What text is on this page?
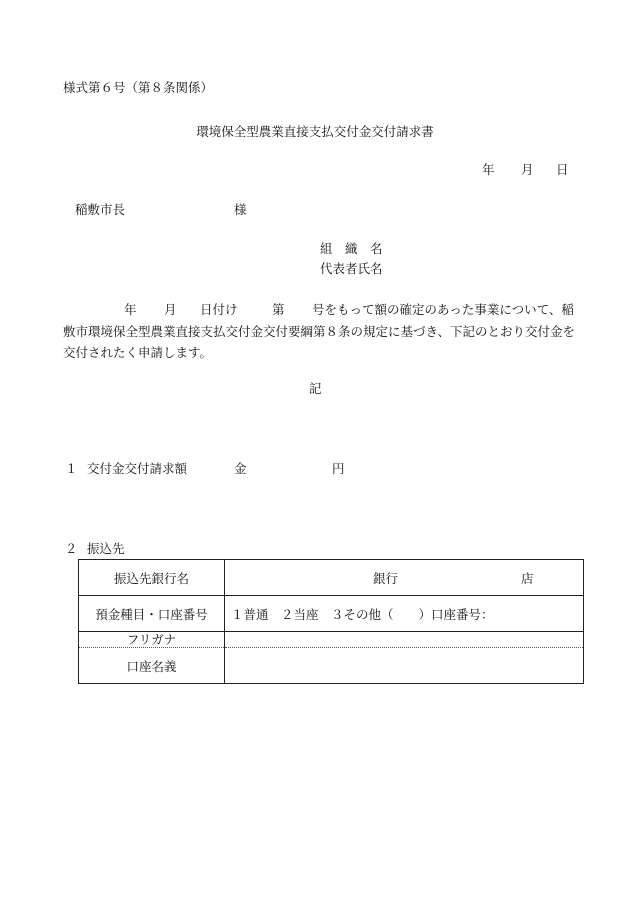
様式第６号（第８条関係）
環境保全型農業直接支払交付金交付請求書
年 月 日
稲敷市長	様
組　織　名
代表者氏名
年 月 日付け	第 号をもって額の確定のあった事業について、稲
敷市環境保全型農業直接支払交付金交付要綱第８条の規定に基づき、下記のとおり交付金を
交付されたく申請します。
記
１ 交付金交付請求額	金	円
２ 振込先
振込先銀行名	銀行 店

預金種目・口座番号	１普通　２当座　３その他（　　）口座番号：
フリガナ	
口座名義	
